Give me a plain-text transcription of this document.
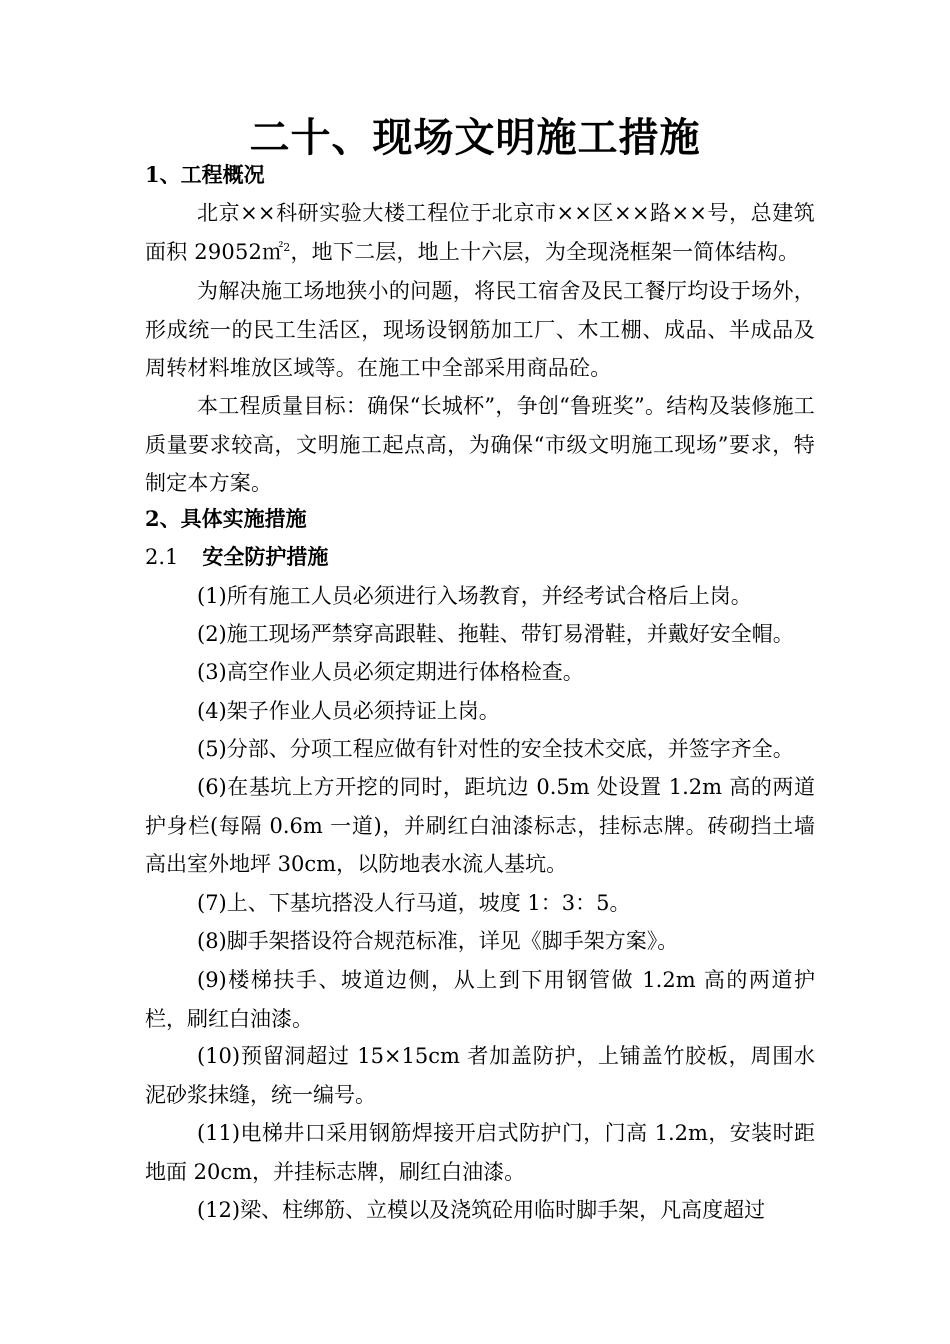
二十、现场文明施工措施
1、工程概况
北京××科研实验大楼工程位于北京市××区××路××号，总建筑面积 29052㎡$^2$，地下二层，地上十六层，为全现浇框架一简体结构。
为解决施工场地狭小的问题，将民工宿舍及民工餐厅均设于场外，形成统一的民工生活区，现场设钢筋加工厂、木工棚、成品、半成品及周转材料堆放区域等。在施工中全部采用商品砼。
本工程质量目标：确保“长城杯”，争创“鲁班奖”。结构及装修施工质量要求较高，文明施工起点高，为确保“市级文明施工现场”要求，特制定本方案。
2、具体实施措施
2.1 安全防护措施
(1)所有施工人员必须进行入场教育，并经考试合格后上岗。
(2)施工现场严禁穿高跟鞋、拖鞋、带钉易滑鞋，并戴好安全帽。
(3)高空作业人员必须定期进行体格检查。
(4)架子作业人员必须持证上岗。
(5)分部、分项工程应做有针对性的安全技术交底，并签字齐全。
(6)在基坑上方开挖的同时，距坑边 0.5m 处设置 1.2m 高的两道护身栏(每隔 0.6m 一道)，并刷红白油漆标志，挂标志牌。砖砌挡土墙高出室外地坪 30cm，以防地表水流人基坑。
(7)上、下基坑搭没人行马道，坡度 1：3：5。
(8)脚手架搭设符合规范标准，详见《脚手架方案》。
(9)楼梯扶手、坡道边侧，从上到下用钢管做 1.2m 高的两道护栏，刷红白油漆。
(10)预留洞超过 15×15cm 者加盖防护，上铺盖竹胶板，周围水泥砂浆抹缝，统一编号。
(11)电梯井口采用钢筋焊接开启式防护门，门高 1.2m，安装时距地面 20cm，并挂标志牌，刷红白油漆。
(12)梁、柱绑筋、立模以及浇筑砼用临时脚手架，凡高度超过
